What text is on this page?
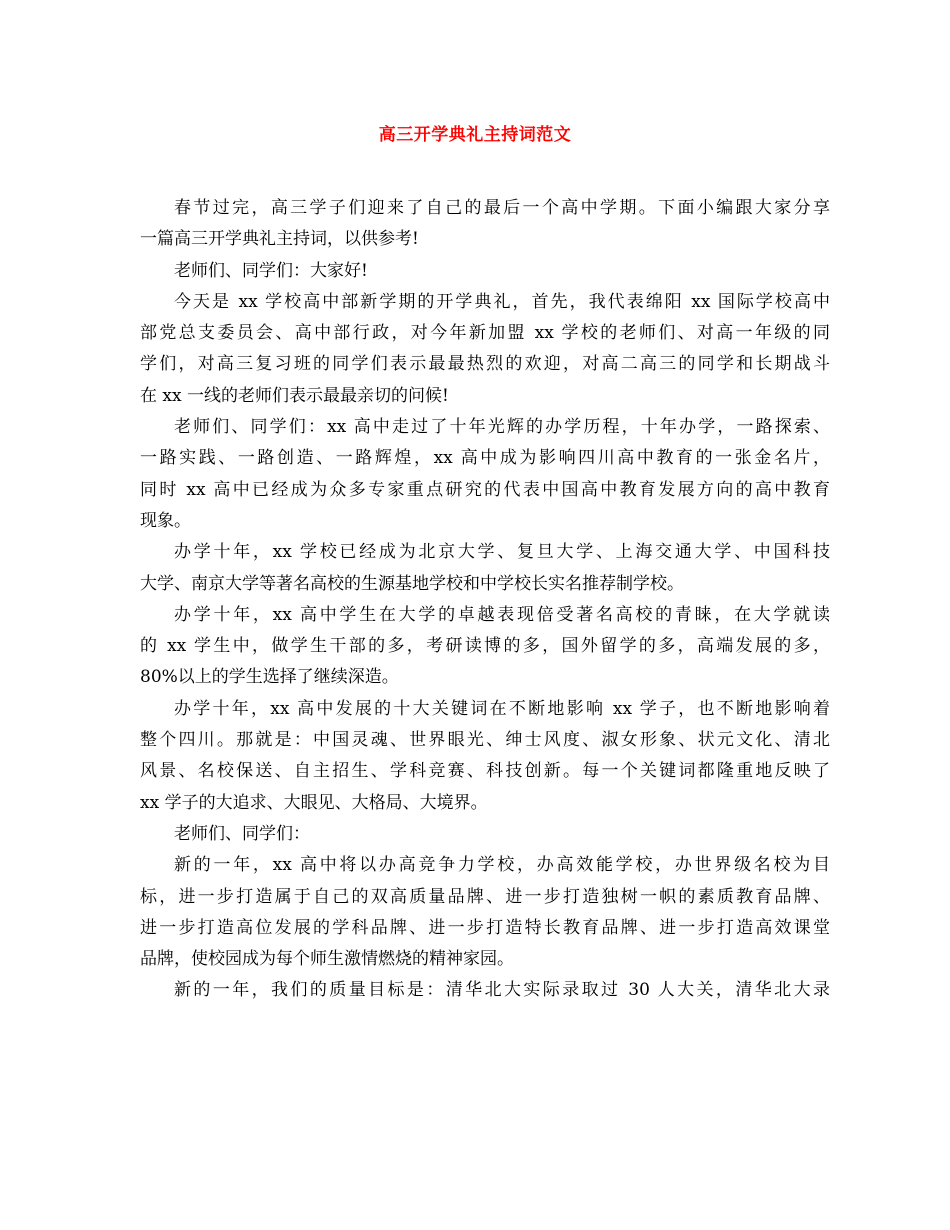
高三开学典礼主持词范文
春节过完，高三学子们迎来了自己的最后一个高中学期。下面小编跟大家分享
一篇高三开学典礼主持词，以供参考!
老师们、同学们：大家好!
今天是 xx 学校高中部新学期的开学典礼，首先，我代表绵阳 xx 国际学校高中
部党总支委员会、高中部行政，对今年新加盟 xx 学校的老师们、对高一年级的同
学们，对高三复习班的同学们表示最最热烈的欢迎，对高二高三的同学和长期战斗
在 xx 一线的老师们表示最最亲切的问候!
老师们、同学们：xx 高中走过了十年光辉的办学历程，十年办学，一路探索、
一路实践、一路创造、一路辉煌，xx 高中成为影响四川高中教育的一张金名片，
同时 xx 高中已经成为众多专家重点研究的代表中国高中教育发展方向的高中教育
现象。
办学十年，xx 学校已经成为北京大学、复旦大学、上海交通大学、中国科技
大学、南京大学等著名高校的生源基地学校和中学校长实名推荐制学校。
办学十年，xx 高中学生在大学的卓越表现倍受著名高校的青睐，在大学就读
的 xx 学生中，做学生干部的多，考研读博的多，国外留学的多，高端发展的多，
80%以上的学生选择了继续深造。
办学十年，xx 高中发展的十大关键词在不断地影响 xx 学子，也不断地影响着
整个四川。那就是：中国灵魂、世界眼光、绅士风度、淑女形象、状元文化、清北
风景、名校保送、自主招生、学科竞赛、科技创新。每一个关键词都隆重地反映了
xx 学子的大追求、大眼见、大格局、大境界。
老师们、同学们：
新的一年，xx 高中将以办高竞争力学校，办高效能学校，办世界级名校为目
标，进一步打造属于自己的双高质量品牌、进一步打造独树一帜的素质教育品牌、
进一步打造高位发展的学科品牌、进一步打造特长教育品牌、进一步打造高效课堂
品牌，使校园成为每个师生激情燃烧的精神家园。
新的一年，我们的质量目标是：清华北大实际录取过 30 人大关，清华北大录
